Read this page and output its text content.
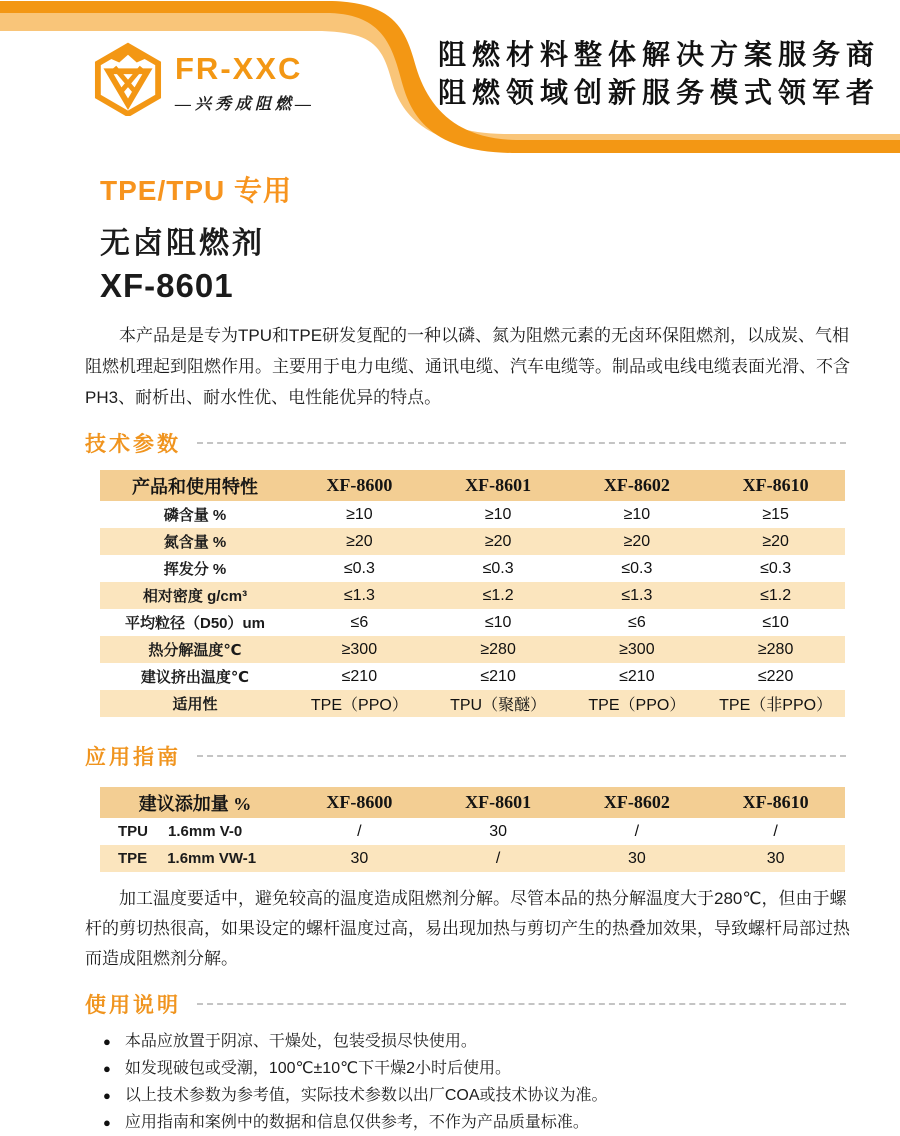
FR-XXC
—兴秀成阻燃—
阻燃材料整体解决方案服务商
阻燃领域创新服务模式领军者
TPE/TPU 专用
无卤阻燃剂
XF-8601

本产品是是专为TPU和TPE研发复配的一种以磷、氮为阻燃元素的无卤环保阻燃剂，以成炭、气相阻燃机理起到阻燃作用。主要用于电力电缆、通讯电缆、汽车电缆等。制品或电线电缆表面光滑、不含PH3、耐析出、耐水性优、电性能优异的特点。

技术参数
产品和使用特性	XF-8600	XF-8601	XF-8602	XF-8610
磷含量 %	≥10	≥10	≥10	≥15
氮含量 %	≥20	≥20	≥20	≥20
挥发分 %	≤0.3	≤0.3	≤0.3	≤0.3
相对密度 g/cm³	≤1.3	≤1.2	≤1.3	≤1.2
平均粒径（D50）um	≤6	≤10	≤6	≤10
热分解温度℃	≥300	≥280	≥300	≥280
建议挤出温度℃	≤210	≤210	≤210	≤220
适用性	TPE（PPO）	TPU（聚醚）	TPE（PPO）	TPE（非PPO）
应用指南
建议添加量 %	XF-8600	XF-8601	XF-8602	XF-8610
TPU 1.6mm V-0	/	30	/	/
TPE 1.6mm VW-1	30	/	30	30

加工温度要适中，避免较高的温度造成阻燃剂分解。尽管本品的热分解温度大于280℃，但由于螺杆的剪切热很高，如果设定的螺杆温度过高，易出现加热与剪切产生的热叠加效果，导致螺杆局部过热而造成阻燃剂分解。

使用说明
● 本品应放置于阴凉、干燥处，包装受损尽快使用。
● 如发现破包或受潮，100℃±10℃下干燥2小时后使用。
● 以上技术参数为参考值，实际技术参数以出厂COA或技术协议为准。
● 应用指南和案例中的数据和信息仅供参考，不作为产品质量标准。
